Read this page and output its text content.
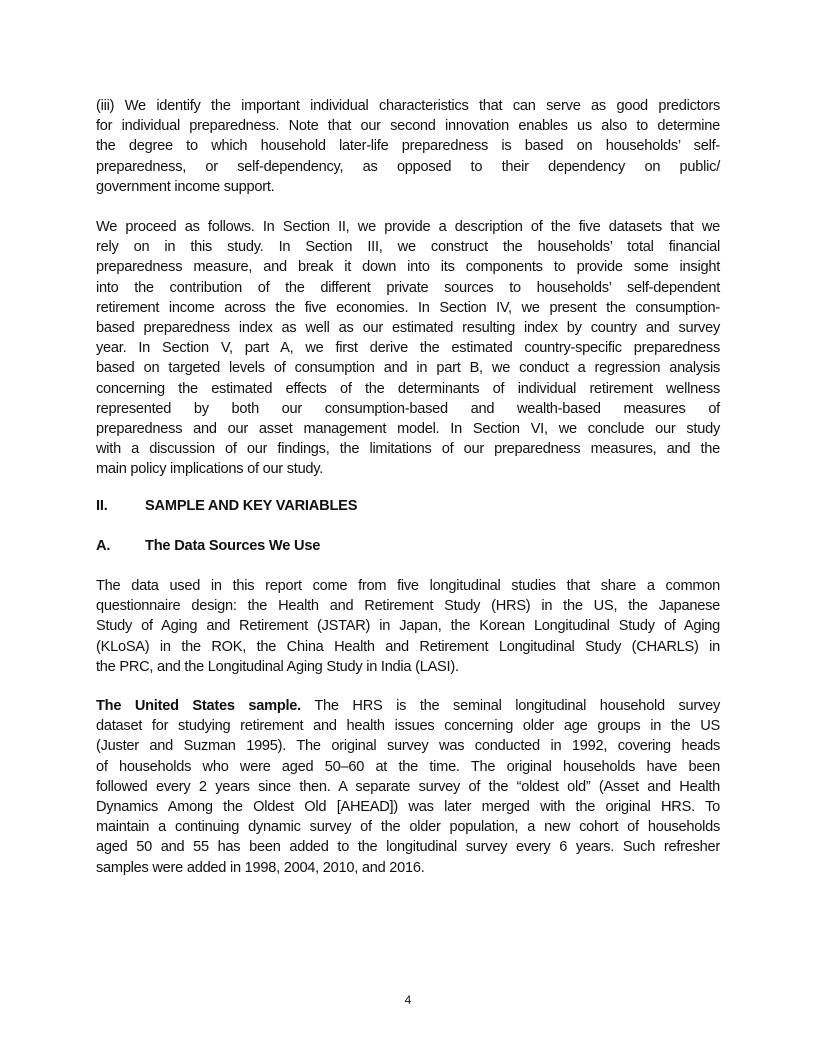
(iii) We identify the important individual characteristics that can serve as good predictors
for individual preparedness. Note that our second innovation enables us also to determine
the degree to which household later-life preparedness is based on households’ self-
preparedness, or self-dependency, as opposed to their dependency on public/
government income support.
We proceed as follows. In Section II, we provide a description of the five datasets that we
rely on in this study. In Section III, we construct the households’ total financial
preparedness measure, and break it down into its components to provide some insight
into the contribution of the different private sources to households’ self-dependent
retirement income across the five economies. In Section IV, we present the consumption-
based preparedness index as well as our estimated resulting index by country and survey
year. In Section V, part A, we first derive the estimated country-specific preparedness
based on targeted levels of consumption and in part B, we conduct a regression analysis
concerning the estimated effects of the determinants of individual retirement wellness
represented by both our consumption-based and wealth-based measures of
preparedness and our asset management model. In Section VI, we conclude our study
with a discussion of our findings, the limitations of our preparedness measures, and the
main policy implications of our study.
II.	SAMPLE AND KEY VARIABLES
A. The Data Sources We Use
The data used in this report come from five longitudinal studies that share a common
questionnaire design: the Health and Retirement Study (HRS) in the US, the Japanese
Study of Aging and Retirement (JSTAR) in Japan, the Korean Longitudinal Study of Aging
(KLoSA) in the ROK, the China Health and Retirement Longitudinal Study (CHARLS) in
the PRC, and the Longitudinal Aging Study in India (LASI).
The United States sample. The HRS is the seminal longitudinal household survey
dataset for studying retirement and health issues concerning older age groups in the US
(Juster and Suzman 1995). The original survey was conducted in 1992, covering heads
of households who were aged 50–60 at the time. The original households have been
followed every 2 years since then. A separate survey of the “oldest old” (Asset and Health
Dynamics Among the Oldest Old [AHEAD]) was later merged with the original HRS. To
maintain a continuing dynamic survey of the older population, a new cohort of households
aged 50 and 55 has been added to the longitudinal survey every 6 years. Such refresher
samples were added in 1998, 2004, 2010, and 2016.
4
